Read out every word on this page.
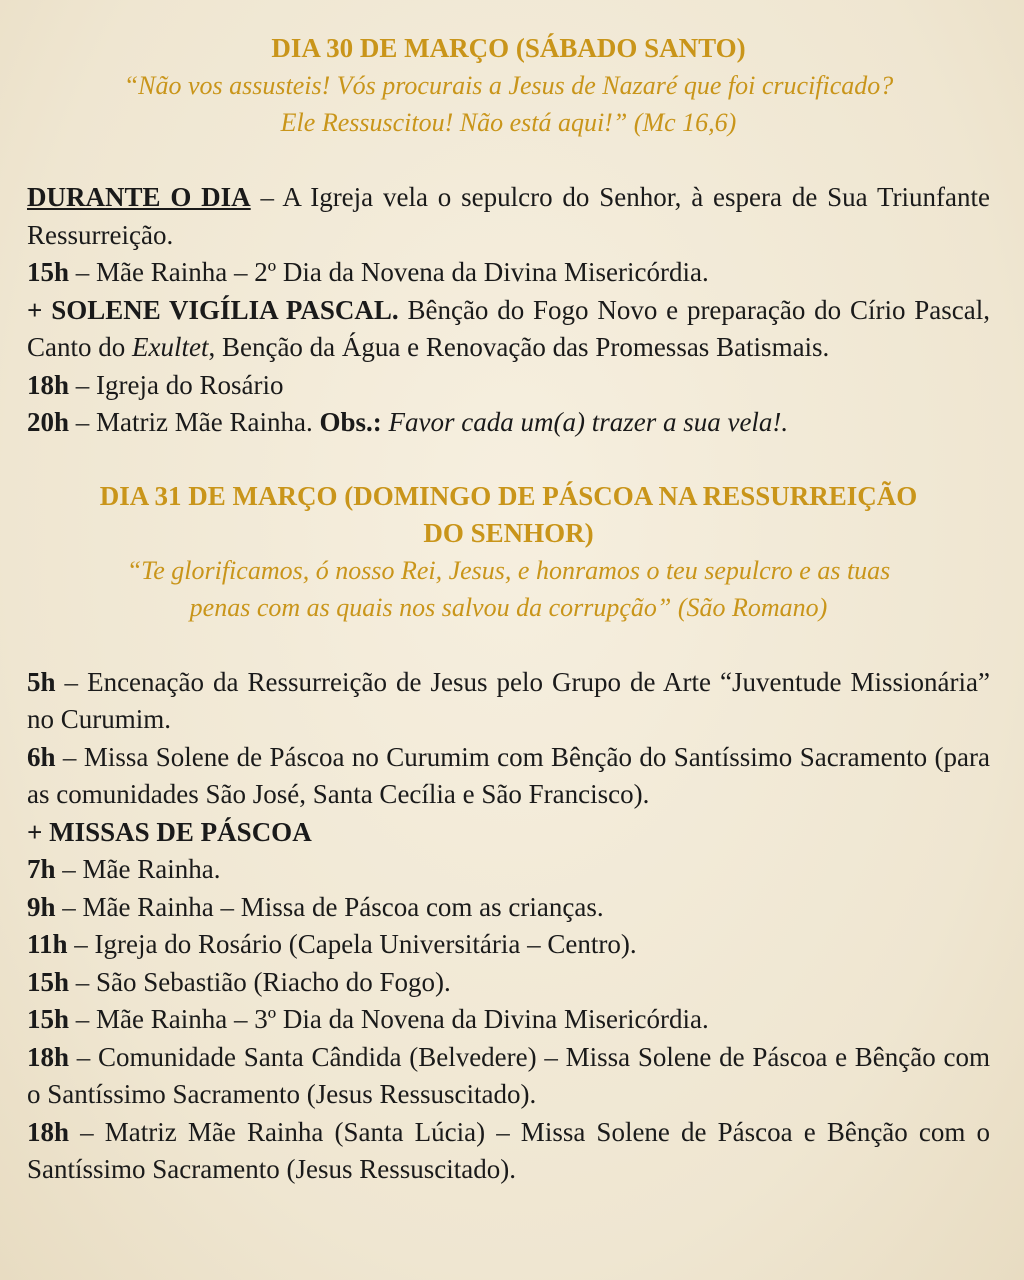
DIA 30 DE MARÇO (SÁBADO SANTO)
“Não vos assusteis! Vós procurais a Jesus de Nazaré que foi crucificado?
Ele Ressuscitou! Não está aqui!” (Mc 16,6)

DURANTE O DIA – A Igreja vela o sepulcro do Senhor, à espera de Sua Triunfante Ressurreição.

15h – Mãe Rainha – 2º Dia da Novena da Divina Misericórdia.

+ SOLENE VIGÍLIA PASCAL. Bênção do Fogo Novo e preparação do Círio Pascal, Canto do Exultet, Benção da Água e Renovação das Promessas Batismais.

18h – Igreja do Rosário

20h – Matriz Mãe Rainha. Obs.: Favor cada um(a) trazer a sua vela!.

DIA 31 DE MARÇO (DOMINGO DE PÁSCOA NA RESSURREIÇÃO
DO SENHOR)
“Te glorificamos, ó nosso Rei, Jesus, e honramos o teu sepulcro e as tuas
penas com as quais nos salvou da corrupção” (São Romano)

5h – Encenação da Ressurreição de Jesus pelo Grupo de Arte “Juventude Missionária” no Curumim.

6h – Missa Solene de Páscoa no Curumim com Bênção do Santíssimo Sacramento (para as comunidades São José, Santa Cecília e São Francisco).

+ MISSAS DE PÁSCOA

7h – Mãe Rainha.

9h – Mãe Rainha – Missa de Páscoa com as crianças.

11h – Igreja do Rosário (Capela Universitária – Centro).

15h – São Sebastião (Riacho do Fogo).

15h – Mãe Rainha – 3º Dia da Novena da Divina Misericórdia.

18h – Comunidade Santa Cândida (Belvedere) – Missa Solene de Páscoa e Bênção com o Santíssimo Sacramento (Jesus Ressuscitado).

18h – Matriz Mãe Rainha (Santa Lúcia) – Missa Solene de Páscoa e Bênção com o Santíssimo Sacramento (Jesus Ressuscitado).
